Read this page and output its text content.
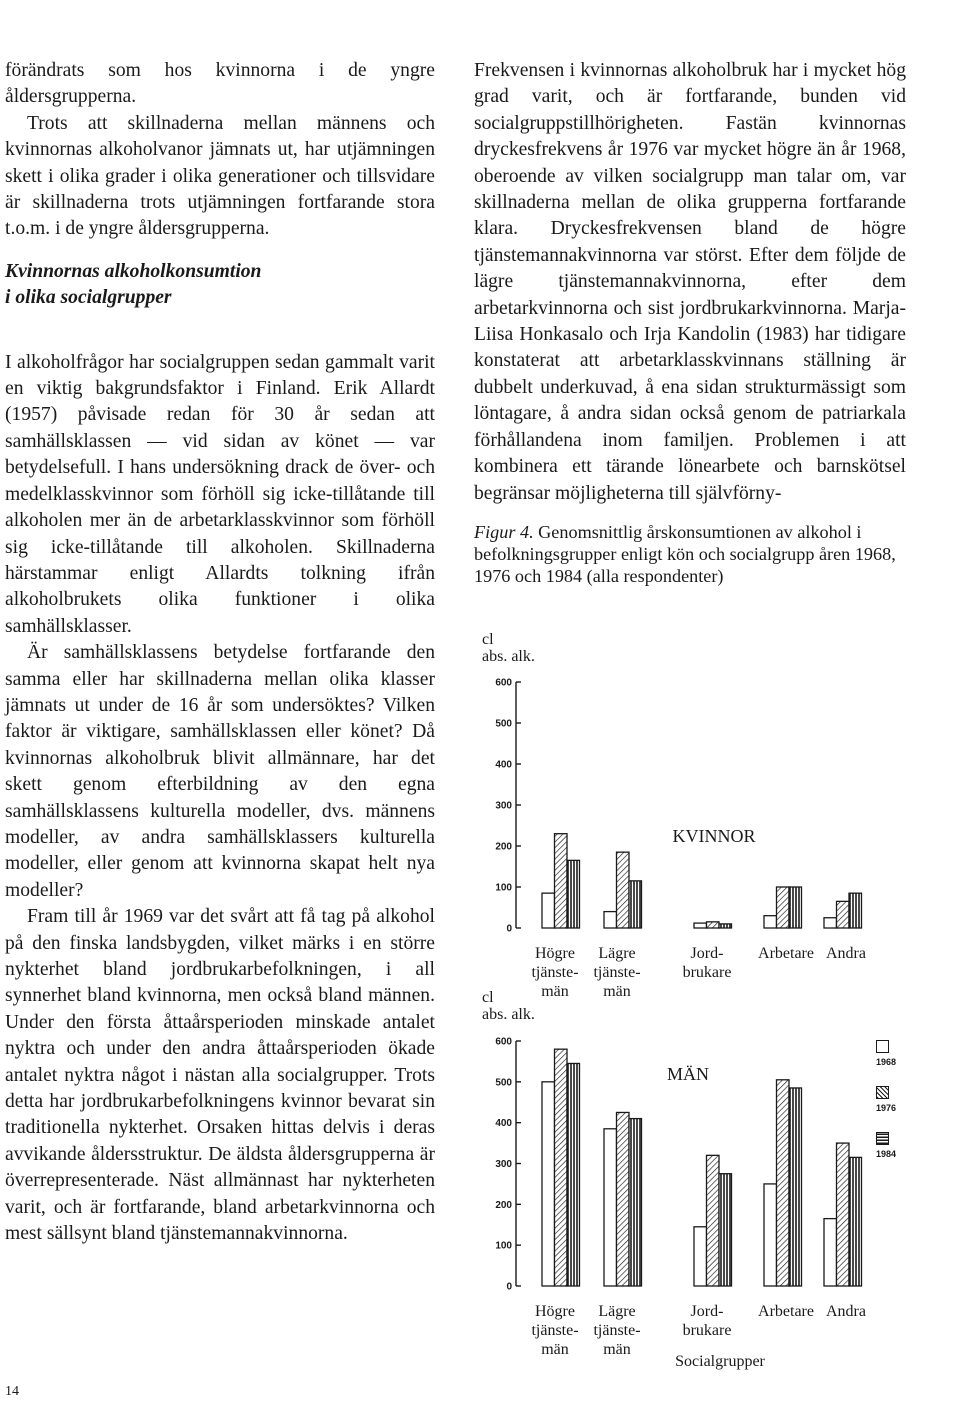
förändrats som hos kvinnorna i de yngre åldersgrupperna.

Trots att skillnaderna mellan männens och kvinnornas alkoholvanor jämnats ut, har utjämningen skett i olika grader i olika generationer och tillsvidare är skillnaderna trots utjämningen fortfarande stora t.o.m. i de yngre åldersgrupperna.

Kvinnornas alkoholkonsumtion
i olika socialgrupper

I alkoholfrågor har socialgruppen sedan gammalt varit en viktig bakgrundsfaktor i Finland. Erik Allardt (1957) påvisade redan för 30 år sedan att samhällsklassen — vid sidan av könet — var betydelsefull. I hans undersökning drack de över- och medelklasskvinnor som förhöll sig icke-tillåtande till alkoholen mer än de arbetarklasskvinnor som förhöll sig icke-tillåtande till alkoholen. Skillnaderna härstammar enligt Allardts tolkning ifrån alkoholbrukets olika funktioner i olika samhällsklasser.

Är samhällsklassens betydelse fortfarande den samma eller har skillnaderna mellan olika klasser jämnats ut under de 16 år som undersöktes? Vilken faktor är viktigare, samhällsklassen eller könet? Då kvinnornas alkoholbruk blivit allmännare, har det skett genom efterbildning av den egna samhällsklassens kulturella modeller, dvs. männens modeller, av andra samhällsklassers kulturella modeller, eller genom att kvinnorna skapat helt nya modeller?

Fram till år 1969 var det svårt att få tag på alkohol på den finska landsbygden, vilket märks i en större nykterhet bland jordbrukarbefolkningen, i all synnerhet bland kvinnorna, men också bland männen. Under den första åttaårsperioden minskade antalet nyktra och under den andra åttaårsperioden ökade antalet nyktra något i nästan alla socialgrupper. Trots detta har jordbrukarbefolkningens kvinnor bevarat sin traditionella nykterhet. Orsaken hittas delvis i deras avvikande åldersstruktur. De äldsta åldersgrupperna är överrepresenterade. Näst allmännast har nykterheten varit, och är fortfarande, bland arbetarkvinnorna och mest sällsynt bland tjänstemannakvinnorna.

Frekvensen i kvinnornas alkoholbruk har i mycket hög grad varit, och är fortfarande, bunden vid socialgruppstillhörigheten. Fastän kvinnornas dryckesfrekvens år 1976 var mycket högre än år 1968, oberoende av vilken socialgrupp man talar om, var skillnaderna mellan de olika grupperna fortfarande klara. Dryckesfrekvensen bland de högre tjänstemannakvinnorna var störst. Efter dem följde de lägre tjänstemannakvinnorna, efter dem arbetarkvinnorna och sist jordbrukarkvinnorna. Marja-Liisa Honkasalo och Irja Kandolin (1983) har tidigare konstaterat att arbetarklasskvinnans ställning är dubbelt underkuvad, å ena sidan strukturmässigt som löntagare, å andra sidan också genom de patriarkala förhållandena inom familjen. Problemen i att kombinera ett tärande lönearbete och barnskötsel begränsar möjligheterna till självförny-

Figur 4. Genomsnittlig årskonsumtionen av alkohol i befolkningsgrupper enligt kön och socialgrupp åren 1968, 1976 och 1984 (alla respondenter)

cl
abs. alk.
600
500
400
300
200
100
0
Högre
tjänste-
män
Lägre
tjänste-
män
Jord-
brukare
Arbetare Andra
KVINNOR
cl
abs. alk.
600
500
400
300
200
100
0
Högre
tjänste-
män
Lägre
tjänste-
män
Jord-
brukare
Arbetare Andra
MÄN
Socialgrupper
1968
1976
1984
14
